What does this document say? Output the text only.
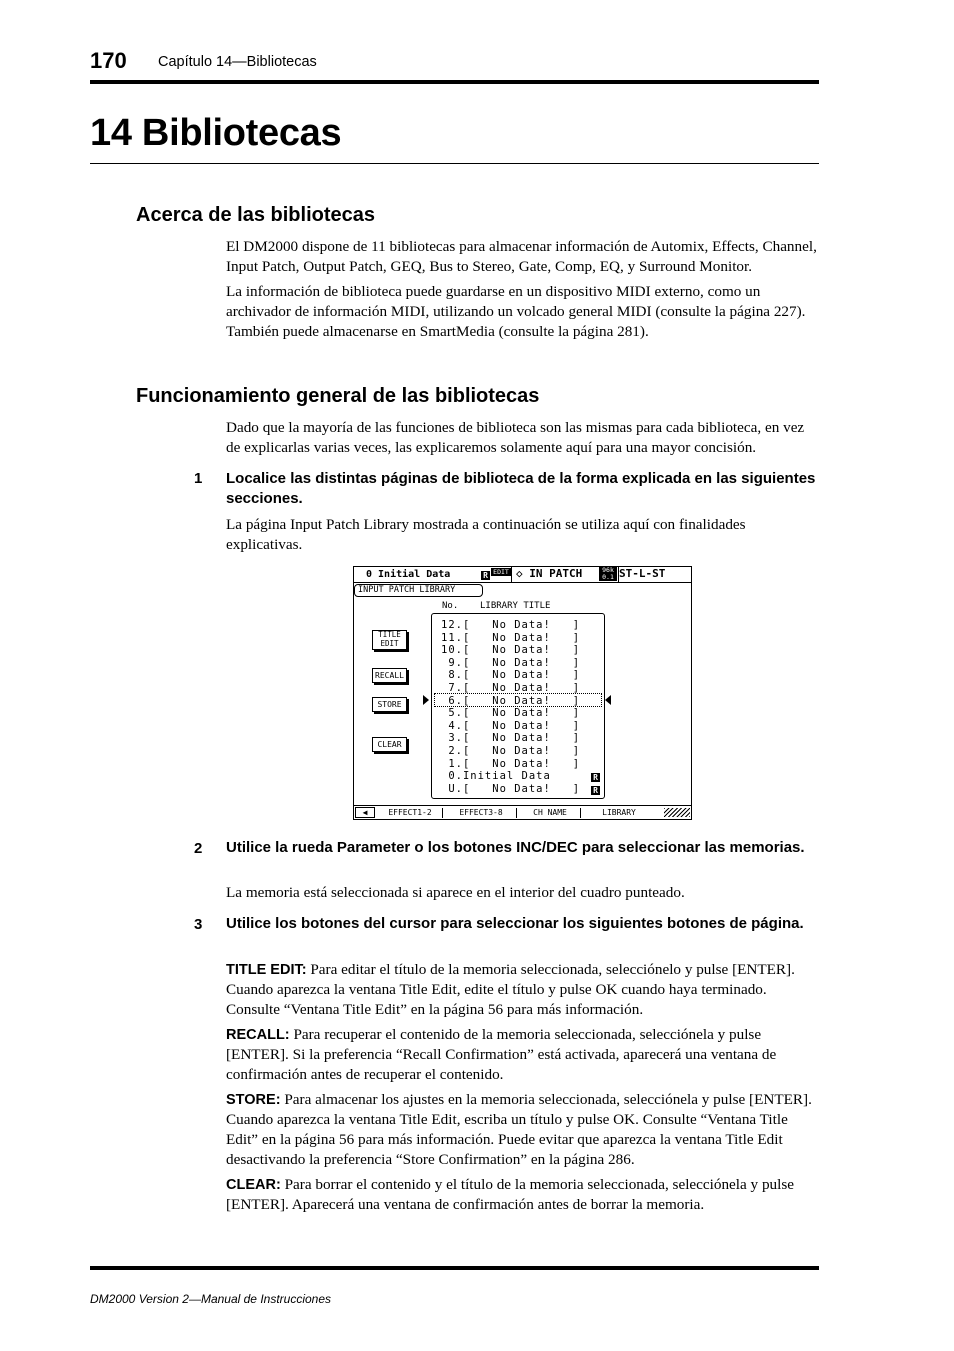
170 Capítulo 14—Bibliotecas
14 Bibliotecas
Acerca de las bibliotecas

El DM2000 dispone de 11 bibliotecas para almacenar información de Automix, Effects, Channel, Input Patch, Output Patch, GEQ, Bus to Stereo, Gate, Comp, EQ, y Surround Monitor.

La información de biblioteca puede guardarse en un dispositivo MIDI externo, como un archivador de información MIDI, utilizando un volcado general MIDI (consulte la página 227). También puede almacenarse en SmartMedia (consulte la página 281).

Funcionamiento general de las bibliotecas
Dado que la mayoría de las funciones de biblioteca son las mismas para cada biblioteca, en vez de explicarlas varias veces, las explicaremos solamente aquí para una mayor concisión.
1 Localice las distintas páginas de biblioteca de la forma explicada en las siguientes secciones.
La página Input Patch Library mostrada a continuación se utiliza aquí con finalidades explicativas.
0 Initial Data	R EDIT ◇ IN PATCH	96k
0.1 ST-L-ST
INPUT PATCH LIBRARY
No. LIBRARY TITLE
TITLE
EDIT
RECALL
STORE
CLEAR
12.[   No Data!   ]
11.[   No Data!   ]
10.[   No Data!   ]
9.[   No Data!   ]
8.[   No Data!   ]
7.[   No Data!   ]
6.[   No Data!   ]
5.[   No Data!   ]
4.[   No Data!   ]
3.[   No Data!   ]
2.[   No Data!   ]
1.[   No Data!   ]
0.Initial Data
U.[   No Data!   ]
R
R
◀	EFFECT1-2	EFFECT3-8	CH NAME	LIBRARY
2 Utilice la rueda Parameter o los botones INC/DEC para seleccionar las memorias.
La memoria está seleccionada si aparece en el interior del cuadro punteado.
3 Utilice los botones del cursor para seleccionar los siguientes botones de página.

TITLE EDIT: Para editar el título de la memoria seleccionada, selecciónelo y pulse [ENTER]. Cuando aparezca la ventana Title Edit, edite el título y pulse OK cuando haya terminado. Consulte “Ventana Title Edit” en la página 56 para más información.

RECALL: Para recuperar el contenido de la memoria seleccionada, selecciónela y pulse [ENTER]. Si la preferencia “Recall Confirmation” está activada, aparecerá una ventana de confirmación antes de recuperar el contenido.

STORE: Para almacenar los ajustes en la memoria seleccionada, selecciónela y pulse [ENTER]. Cuando aparezca la ventana Title Edit, escriba un título y pulse OK. Consulte “Ventana Title Edit” en la página 56 para más información. Puede evitar que aparezca la ventana Title Edit desactivando la preferencia “Store Confirmation” en la página 286.

CLEAR: Para borrar el contenido y el título de la memoria seleccionada, selecciónela y pulse [ENTER]. Aparecerá una ventana de confirmación antes de borrar la memoria.

DM2000 Version 2—Manual de Instrucciones
